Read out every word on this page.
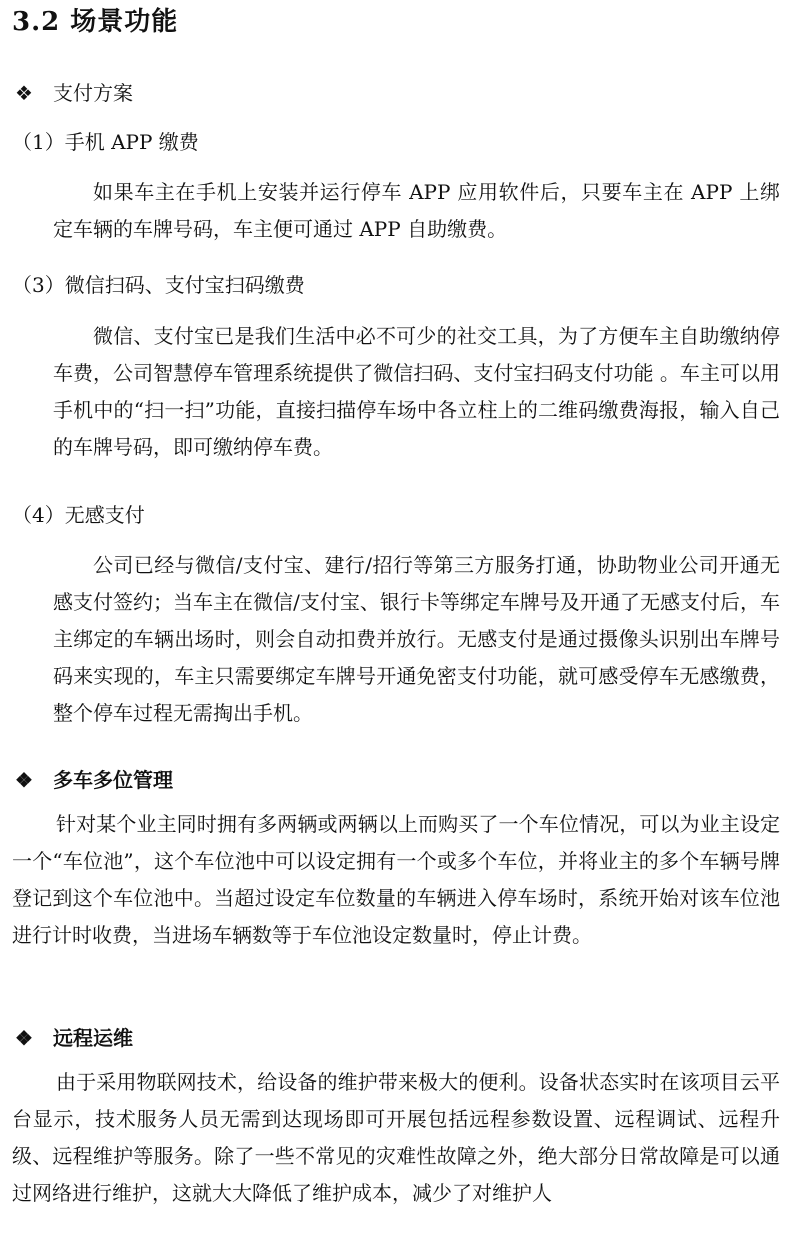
3.2 场景功能
❖ 支付方案
（1）手机 APP 缴费

如果车主在手机上安装并运行停车 APP 应用软件后，只要车主在 APP 上绑定车辆的车牌号码，车主便可通过 APP 自助缴费。

（3）微信扫码、支付宝扫码缴费

微信、支付宝已是我们生活中必不可少的社交工具，为了方便车主自助缴纳停车费，公司智慧停车管理系统提供了微信扫码、支付宝扫码支付功能 。车主可以用手机中的“扫一扫”功能，直接扫描停车场中各立柱上的二维码缴费海报，输入自己的车牌号码，即可缴纳停车费。

（4）无感支付

公司已经与微信/支付宝、建行/招行等第三方服务打通，协助物业公司开通无感支付签约；当车主在微信/支付宝、银行卡等绑定车牌号及开通了无感支付后，车主绑定的车辆出场时，则会自动扣费并放行。无感支付是通过摄像头识别出车牌号码来实现的，车主只需要绑定车牌号开通免密支付功能，就可感受停车无感缴费，整个停车过程无需掏出手机。

❖ 多车多位管理

针对某个业主同时拥有多两辆或两辆以上而购买了一个车位情况，可以为业主设定一个“车位池”，这个车位池中可以设定拥有一个或多个车位，并将业主的多个车辆号牌登记到这个车位池中。当超过设定车位数量的车辆进入停车场时，系统开始对该车位池进行计时收费，当进场车辆数等于车位池设定数量时，停止计费。

❖ 远程运维

由于采用物联网技术，给设备的维护带来极大的便利。设备状态实时在该项目云平台显示，技术服务人员无需到达现场即可开展包括远程参数设置、远程调试、远程升级、远程维护等服务。除了一些不常见的灾难性故障之外，绝大部分日常故障是可以通过网络进行维护，这就大大降低了维护成本，减少了对维护人
